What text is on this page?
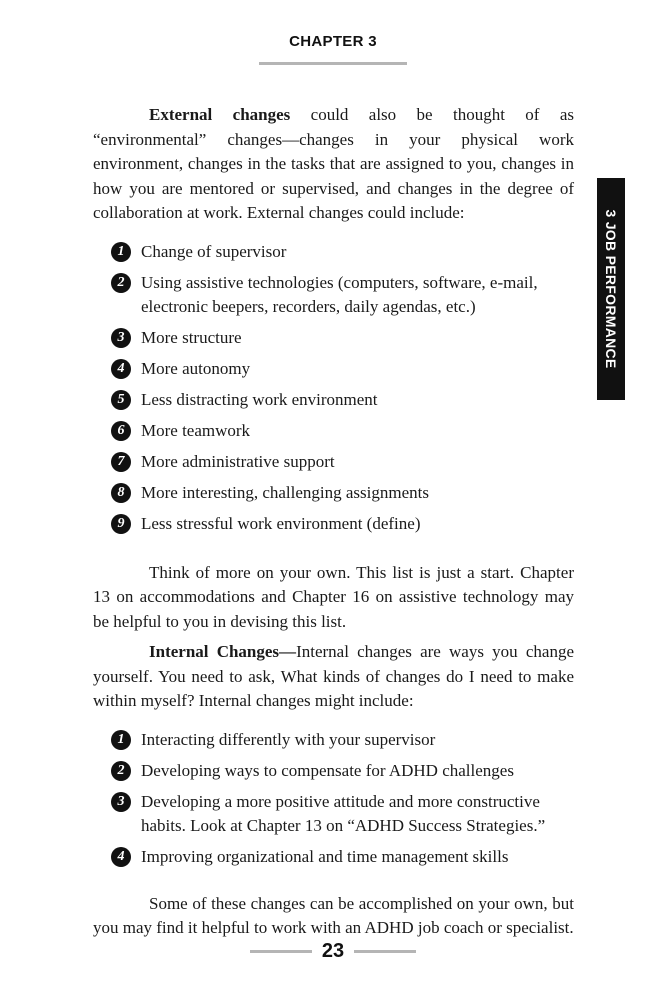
CHAPTER 3
3 JOB PERFORMANCE

External changes could also be thought of as “environmental” changes—changes in your physical work environment, changes in the tasks that are assigned to you, changes in how you are mentored or supervised, and changes in the degree of collaboration at work. External changes could include:

1 Change of supervisor
2 Using assistive technologies (computers, software, e-mail, electronic beepers, recorders, daily agendas, etc.)
3 More structure
4 More autonomy
5 Less distracting work environment
6 More teamwork
7 More administrative support
8 More interesting, challenging assignments
9 Less stressful work environment (define)

Think of more on your own. This list is just a start. Chapter 13 on accommodations and Chapter 16 on assistive technology may be helpful to you in devising this list.

Internal Changes—Internal changes are ways you change yourself. You need to ask, What kinds of changes do I need to make within myself? Internal changes might include:

1 Interacting differently with your supervisor
2 Developing ways to compensate for ADHD challenges
3 Developing a more positive attitude and more constructive habits. Look at Chapter 13 on “ADHD Success Strategies.”
4 Improving organizational and time management skills

Some of these changes can be accomplished on your own, but you may find it helpful to work with an ADHD job coach or specialist.

23
